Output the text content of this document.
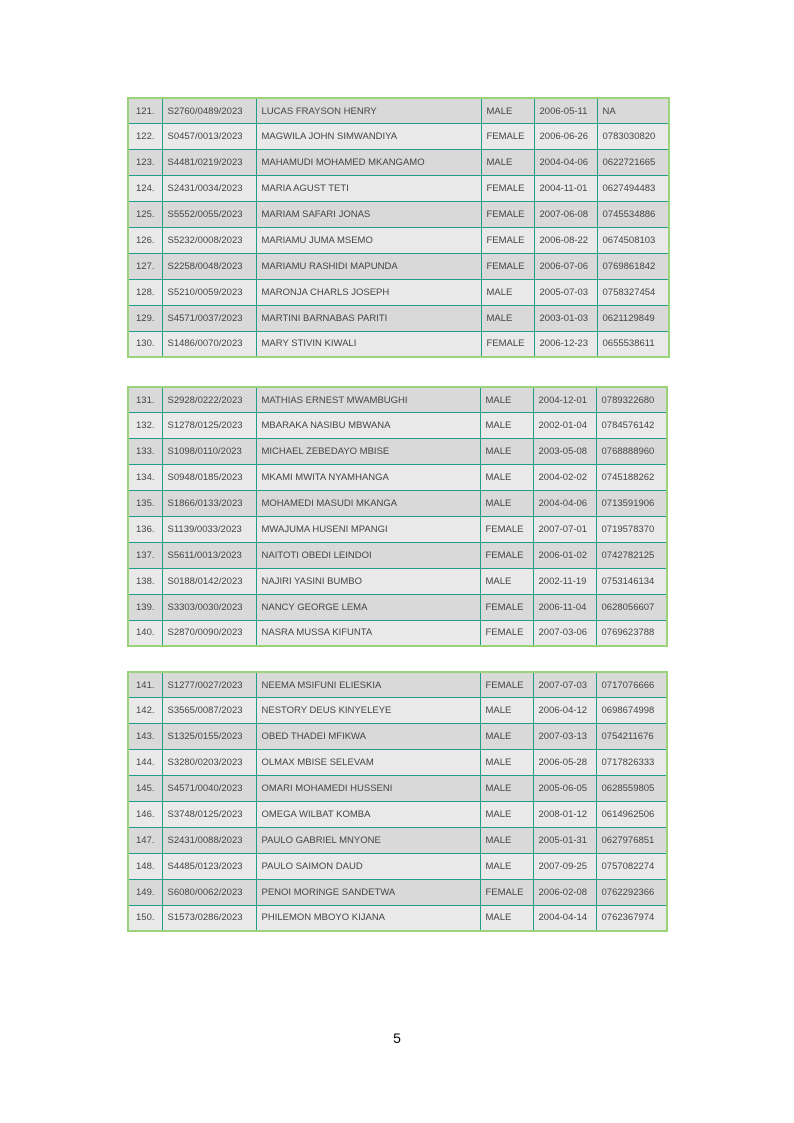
121.	S2760/0489/2023	LUCAS FRAYSON HENRY	MALE	2006-05-11	NA
122.	S0457/0013/2023	MAGWILA JOHN SIMWANDIYA	FEMALE	2006-06-26	0783030820
123.	S4481/0219/2023	MAHAMUDI MOHAMED MKANGAMO	MALE	2004-04-06	0622721665
124.	S2431/0034/2023	MARIA AGUST TETI	FEMALE	2004-11-01	0627494483
125.	S5552/0055/2023	MARIAM SAFARI JONAS	FEMALE	2007-06-08	0745534886
126.	S5232/0008/2023	MARIAMU JUMA MSEMO	FEMALE	2006-08-22	0674508103
127.	S2258/0048/2023	MARIAMU RASHIDI MAPUNDA	FEMALE	2006-07-06	0769861842
128.	S5210/0059/2023	MARONJA CHARLS JOSEPH	MALE	2005-07-03	0758327454
129.	S4571/0037/2023	MARTINI BARNABAS PARITI	MALE	2003-01-03	0621129849
130.	S1486/0070/2023	MARY STIVIN KIWALI	FEMALE	2006-12-23	0655538611
131.	S2928/0222/2023	MATHIAS ERNEST MWAMBUGHI	MALE	2004-12-01	0789322680
132.	S1278/0125/2023	MBARAKA NASIBU MBWANA	MALE	2002-01-04	0784576142
133.	S1098/0110/2023	MICHAEL ZEBEDAYO MBISE	MALE	2003-05-08	0768888960
134.	S0948/0185/2023	MKAMI MWITA NYAMHANGA	MALE	2004-02-02	0745188262
135.	S1866/0133/2023	MOHAMEDI MASUDI MKANGA	MALE	2004-04-06	0713591906
136.	S1139/0033/2023	MWAJUMA HUSENI MPANGI	FEMALE	2007-07-01	0719578370
137.	S5611/0013/2023	NAITOTI OBEDI LEINDOI	FEMALE	2006-01-02	0742782125
138.	S0188/0142/2023	NAJIRI YASINI BUMBO	MALE	2002-11-19	0753146134
139.	S3303/0030/2023	NANCY GEORGE LEMA	FEMALE	2006-11-04	0628056607
140.	S2870/0090/2023	NASRA MUSSA KIFUNTA	FEMALE	2007-03-06	0769623788
141.	S1277/0027/2023	NEEMA MSIFUNI ELIESKIA	FEMALE	2007-07-03	0717076666
142.	S3565/0087/2023	NESTORY DEUS KINYELEYE	MALE	2006-04-12	0698674998
143.	S1325/0155/2023	OBED THADEI MFIKWA	MALE	2007-03-13	0754211676
144.	S3280/0203/2023	OLMAX MBISE SELEVAM	MALE	2006-05-28	0717826333
145.	S4571/0040/2023	OMARI MOHAMEDI HUSSENI	MALE	2005-06-05	0628559805
146.	S3748/0125/2023	OMEGA WILBAT KOMBA	MALE	2008-01-12	0614962506
147.	S2431/0088/2023	PAULO GABRIEL MNYONE	MALE	2005-01-31	0627976851
148.	S4485/0123/2023	PAULO SAIMON DAUD	MALE	2007-09-25	0757082274
149.	S6080/0062/2023	PENOI MORINGE SANDETWA	FEMALE	2006-02-08	0762292366
150.	S1573/0286/2023	PHILEMON MBOYO KIJANA	MALE	2004-04-14	0762367974
5
